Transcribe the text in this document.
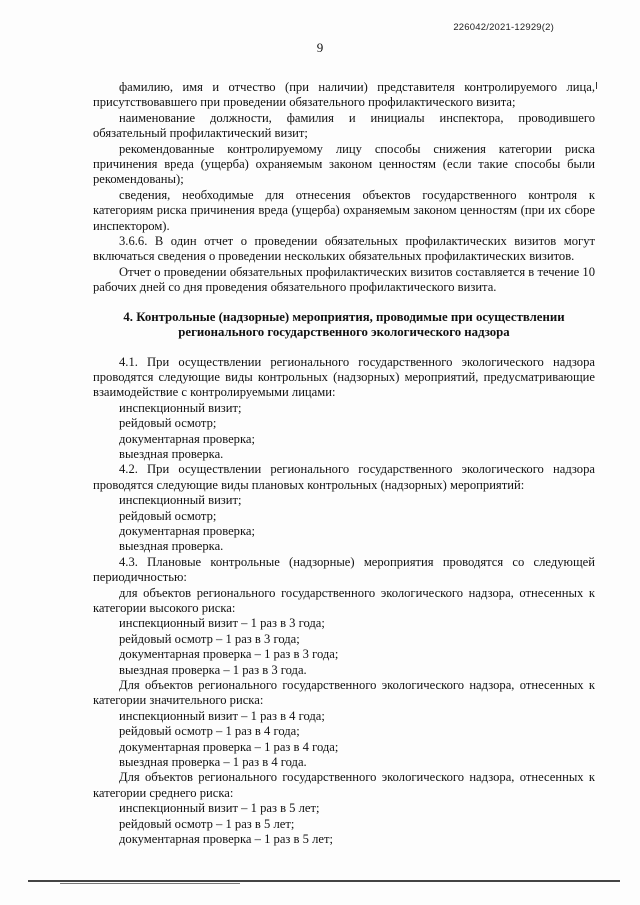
226042/2021-12929(2)
9

фамилию, имя и отчество (при наличии) представителя контролируемого лица, присутствовавшего при проведении обязательного профилактического визита;

наименование должности, фамилия и инициалы инспектора, проводившего обязательный профилактический визит;

рекомендованные контролируемому лицу способы снижения категории риска причинения вреда (ущерба) охраняемым законом ценностям (если такие способы были рекомендованы);

сведения, необходимые для отнесения объектов государственного контроля к категориям риска причинения вреда (ущерба) охраняемым законом ценностям (при их сборе инспектором).

3.6.6. В один отчет о проведении обязательных профилактических визитов могут включаться сведения о проведении нескольких обязательных профилактических визитов.

Отчет о проведении обязательных профилактических визитов составляется в течение 10 рабочих дней со дня проведения обязательного профилактического визита.

4. Контрольные (надзорные) мероприятия, проводимые при осуществлении

регионального государственного экологического надзора

4.1. При осуществлении регионального государственного экологического надзора проводятся следующие виды контрольных (надзорных) мероприятий, предусматривающие взаимодействие с контролируемыми лицами:

инспекционный визит;

рейдовый осмотр;

документарная проверка;

выездная проверка.

4.2. При осуществлении регионального государственного экологического надзора проводятся следующие виды плановых контрольных (надзорных) мероприятий:

инспекционный визит;

рейдовый осмотр;

документарная проверка;

выездная проверка.

4.3. Плановые контрольные (надзорные) мероприятия проводятся со следующей периодичностью:

для объектов регионального государственного экологического надзора, отнесенных к категории высокого риска:

инспекционный визит – 1 раз в 3 года;

рейдовый осмотр – 1 раз в 3 года;

документарная проверка – 1 раз в 3 года;

выездная проверка – 1 раз в 3 года.

Для объектов регионального государственного экологического надзора, отнесенных к категории значительного риска:

инспекционный визит – 1 раз в 4 года;

рейдовый осмотр – 1 раз в 4 года;

документарная проверка – 1 раз в 4 года;

выездная проверка – 1 раз в 4 года.

Для объектов регионального государственного экологического надзора, отнесенных к категории среднего риска:

инспекционный визит – 1 раз в 5 лет;

рейдовый осмотр – 1 раз в 5 лет;

документарная проверка – 1 раз в 5 лет;
